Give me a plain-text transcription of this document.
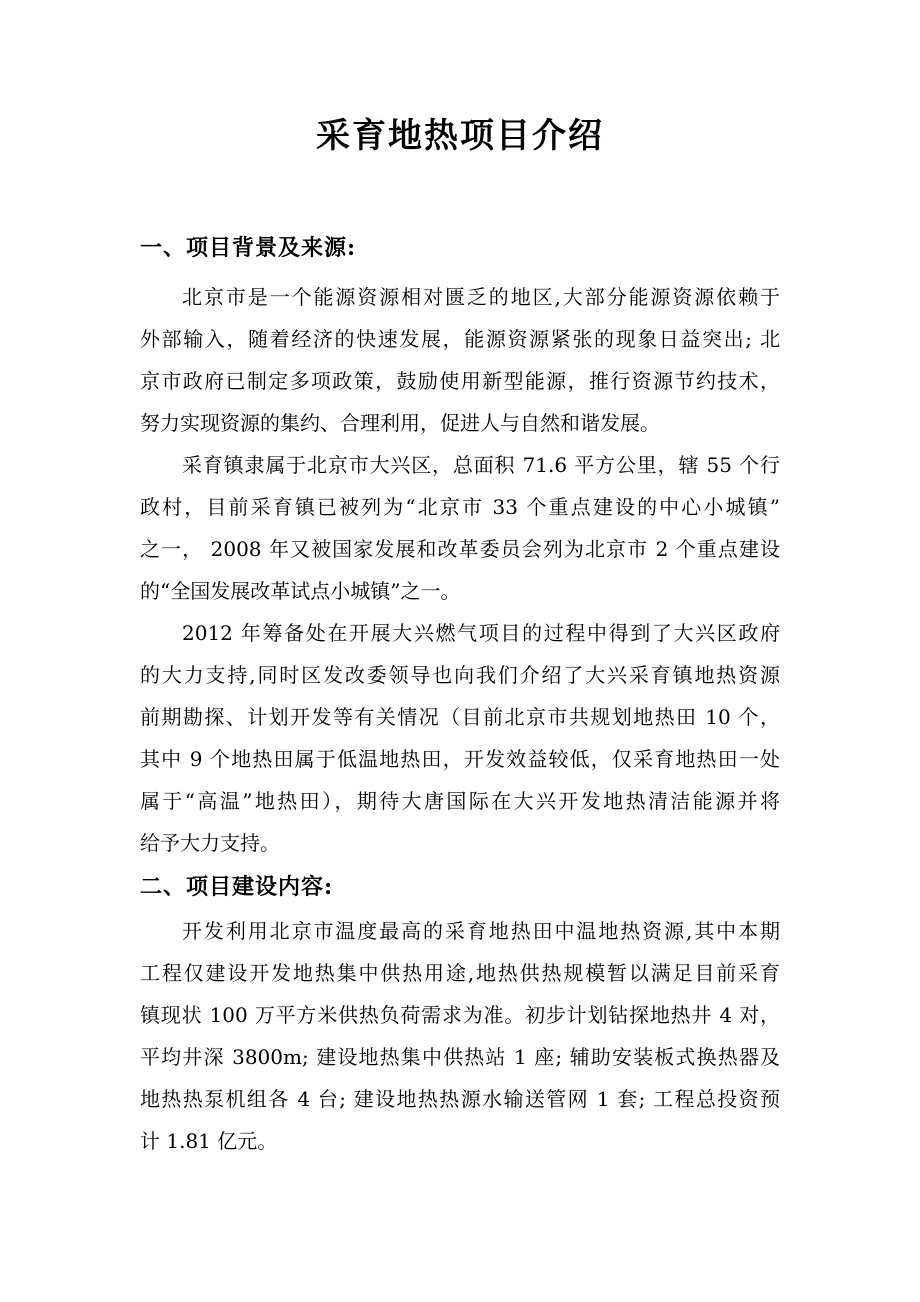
采育地热项目介绍
一、项目背景及来源:
北京市是一个能源资源相对匮乏的地区,大部分能源资源依赖于
外部输入，随着经济的快速发展，能源资源紧张的现象日益突出; 北
京市政府已制定多项政策，鼓励使用新型能源，推行资源节约技术，
努力实现资源的集约、合理利用，促进人与自然和谐发展。
采育镇隶属于北京市大兴区，总面积 71.6 平方公里，辖 55 个行
政村，目前采育镇已被列为“北京市 33 个重点建设的中心小城镇”
之一， 2008 年又被国家发展和改革委员会列为北京市 2 个重点建设
的“全国发展改革试点小城镇”之一。
2012 年筹备处在开展大兴燃气项目的过程中得到了大兴区政府
的大力支持,同时区发改委领导也向我们介绍了大兴采育镇地热资源
前期勘探、计划开发等有关情况（目前北京市共规划地热田 10 个，
其中 9 个地热田属于低温地热田，开发效益较低，仅采育地热田一处
属于“高温”地热田），期待大唐国际在大兴开发地热清洁能源并将
给予大力支持。
二、项目建设内容:
开发利用北京市温度最高的采育地热田中温地热资源,其中本期
工程仅建设开发地热集中供热用途,地热供热规模暂以满足目前采育
镇现状 100 万平方米供热负荷需求为准。初步计划钻探地热井 4 对，
平均井深 3800m; 建设地热集中供热站 1 座; 辅助安装板式换热器及
地热热泵机组各 4 台; 建设地热热源水输送管网 1 套; 工程总投资预
计 1.81 亿元。
